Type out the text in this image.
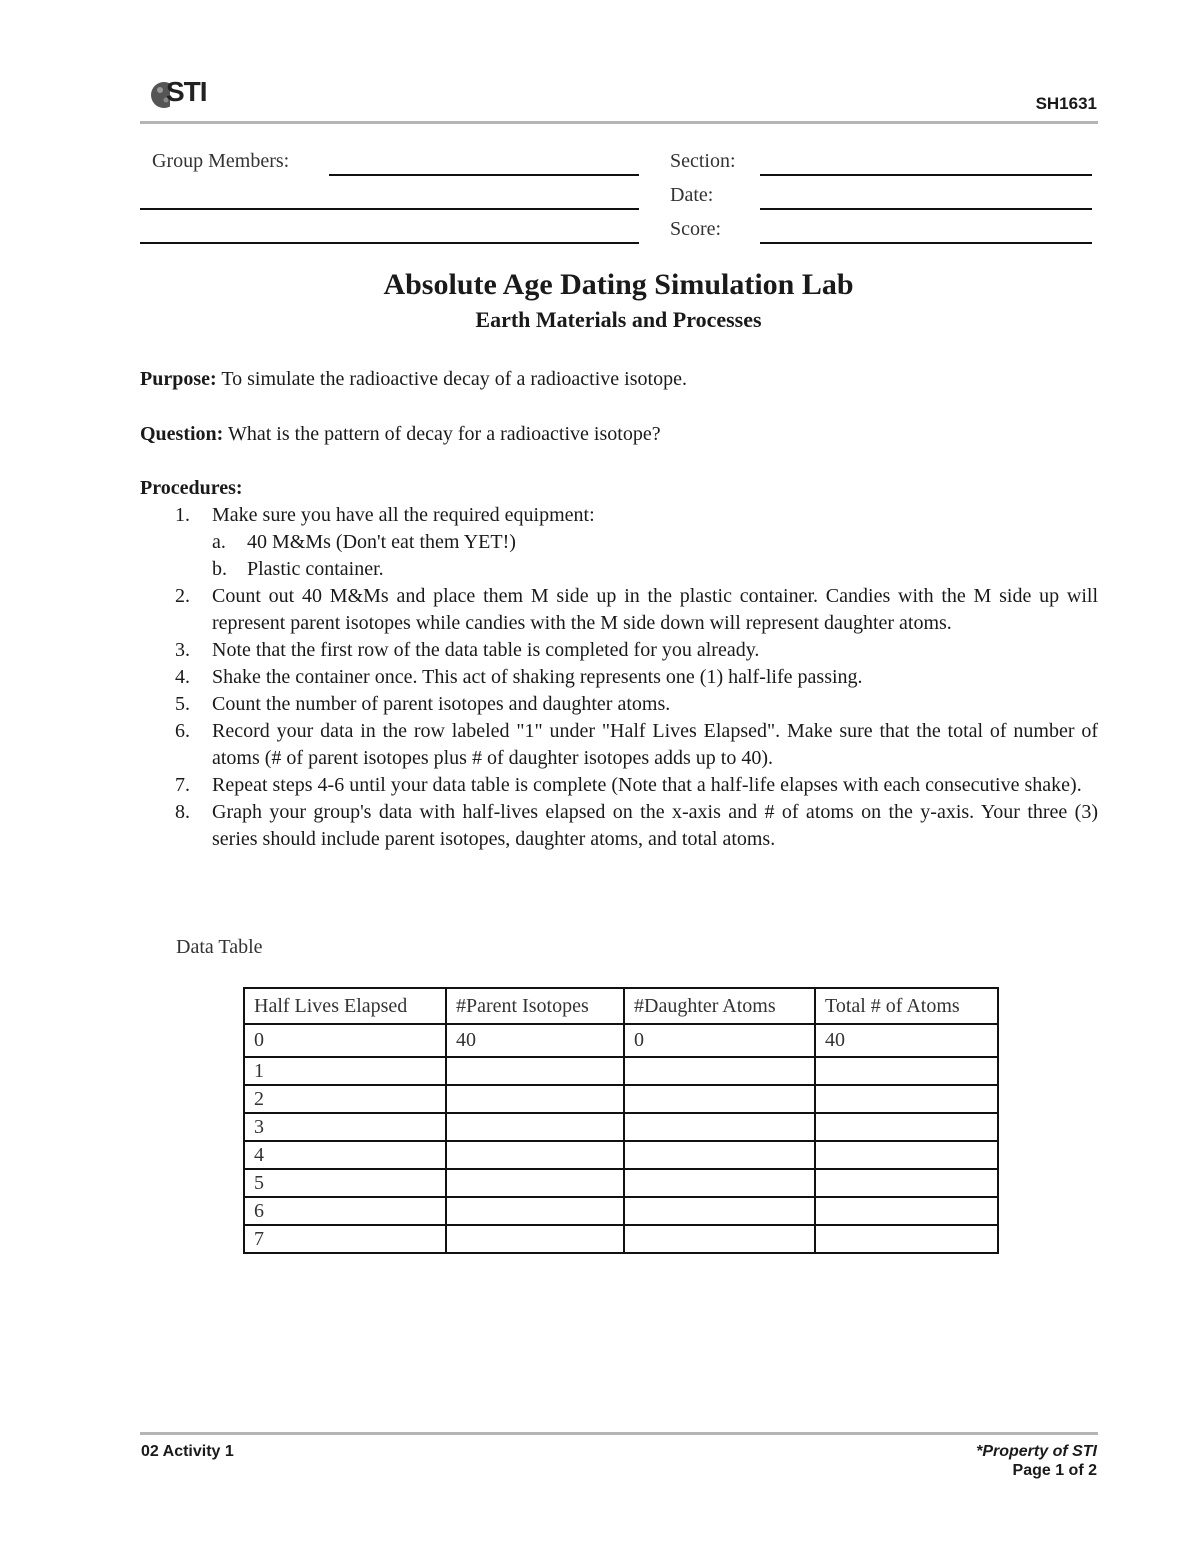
STI	SH1631
Group Members:	Section:
Date:
Score:
Absolute Age Dating Simulation Lab
Earth Materials and Processes
Purpose: To simulate the radioactive decay of a radioactive isotope.
Question: What is the pattern of decay for a radioactive isotope?
Procedures:
1. Make sure you have all the required equipment:
a. 40 M&Ms (Don't eat them YET!)
b. Plastic container.
2. Count out 40 M&Ms and place them M side up in the plastic container. Candies with the M side up will represent parent isotopes while candies with the M side down will represent daughter atoms.
3. Note that the first row of the data table is completed for you already.
4. Shake the container once. This act of shaking represents one (1) half-life passing.
5. Count the number of parent isotopes and daughter atoms.
6. Record your data in the row labeled "1" under "Half Lives Elapsed". Make sure that the total of number of atoms (# of parent isotopes plus # of daughter isotopes adds up to 40).
7. Repeat steps 4-6 until your data table is complete (Note that a half-life elapses with each consecutive shake).
8. Graph your group's data with half-lives elapsed on the x-axis and # of atoms on the y-axis. Your three (3) series should include parent isotopes, daughter atoms, and total atoms.
Data Table
Half Lives Elapsed	#Parent Isotopes	#Daughter Atoms	Total # of Atoms
0	40	0	40
1			
2			
3			
4			
5			
6			
7			
02 Activity 1	*Property of STI
Page 1 of 2
